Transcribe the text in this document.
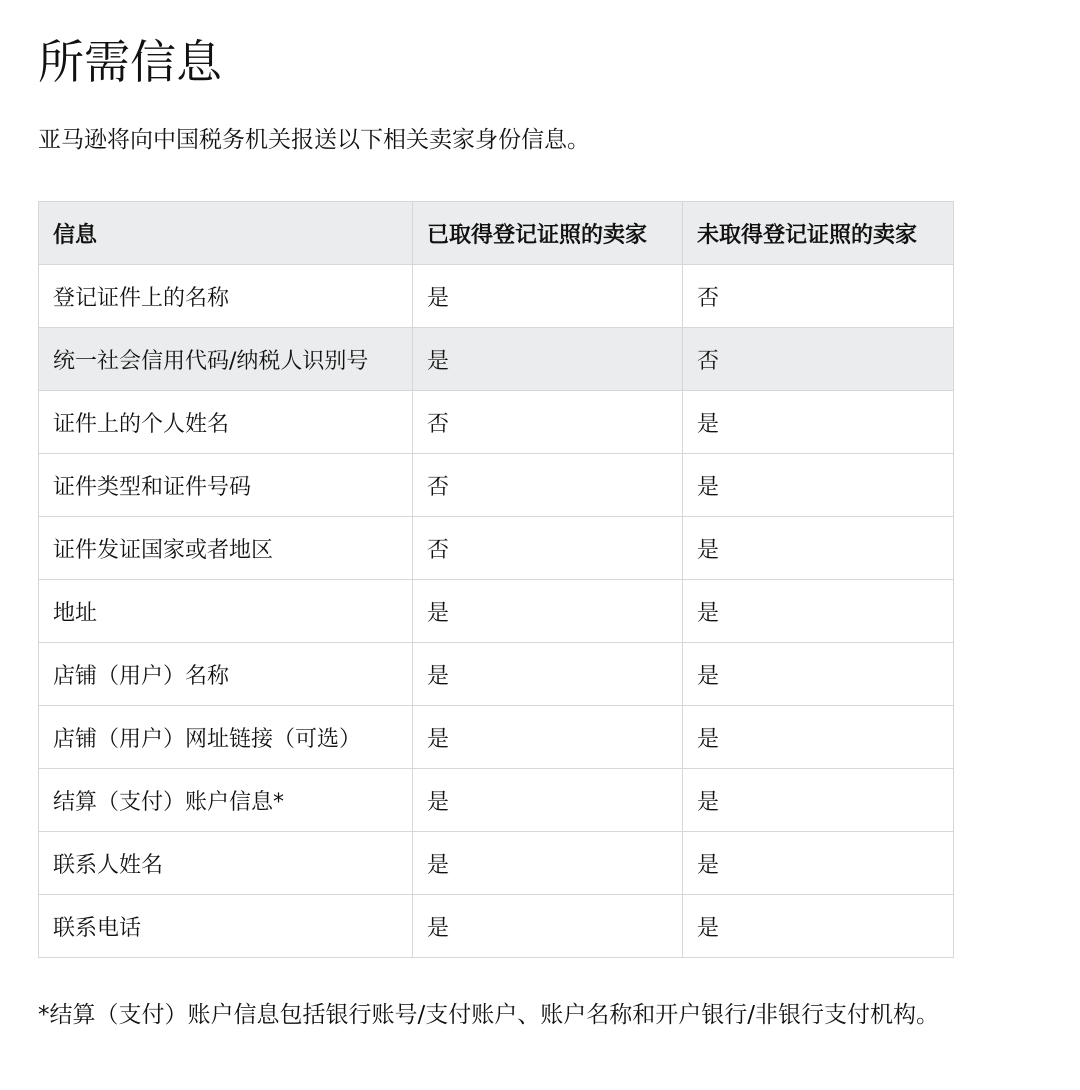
所需信息

亚马逊将向中国税务机关报送以下相关卖家身份信息。

信息	已取得登记证照的卖家	未取得登记证照的卖家
登记证件上的名称	是	否
统一社会信用代码/纳税人识别号	是	否
证件上的个人姓名	否	是
证件类型和证件号码	否	是
证件发证国家或者地区	否	是
地址	是	是
店铺（用户）名称	是	是
店铺（用户）网址链接（可选）	是	是
结算（支付）账户信息*	是	是
联系人姓名	是	是
联系电话	是	是

*结算（支付）账户信息包括银行账号/支付账户、账户名称和开户银行/非银行支付机构。
